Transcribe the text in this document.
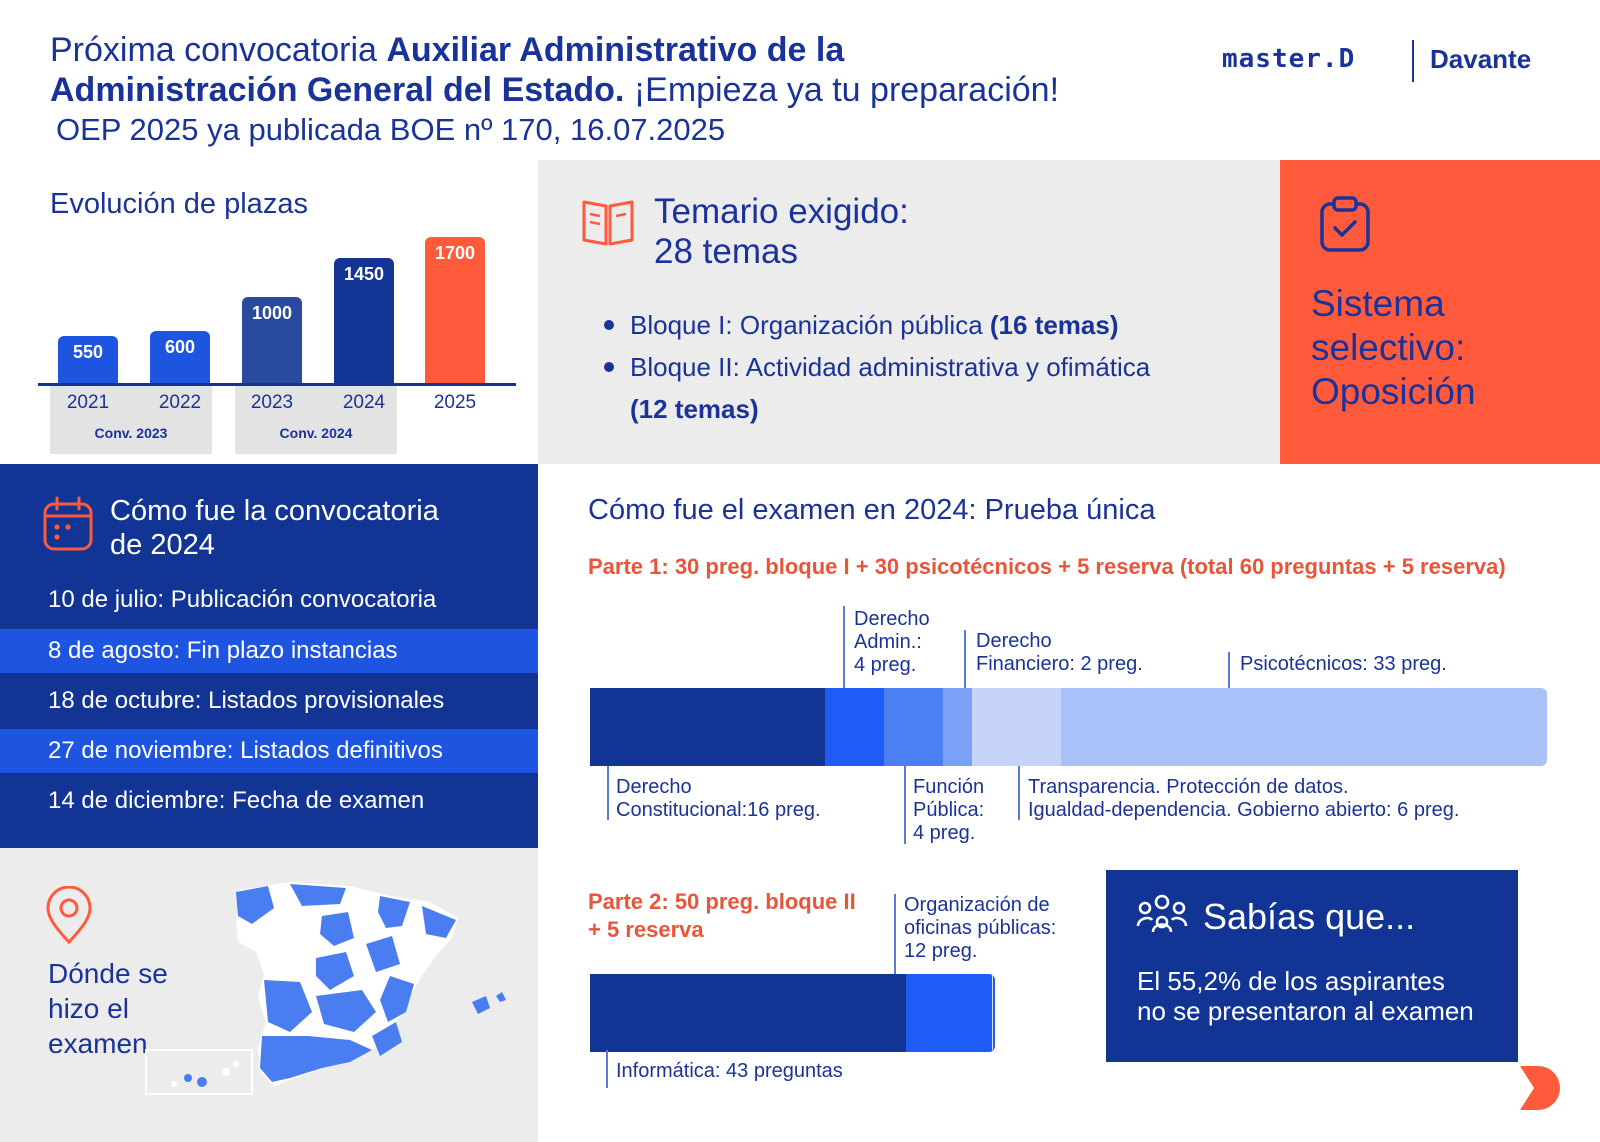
Próxima convocatoria Auxiliar Administrativo de la
Administración General del Estado. ¡Empieza ya tu preparación!
OEP 2025 ya publicada BOE nº 170, 16.07.2025
master.D	Davante
Evolución de plazas
550
2021
600
2022
1000
2023
1450
2024
1700
2025
Conv. 2023	Conv. 2024
Temario exigido:
28 temas
Bloque I: Organización pública (16 temas)
Bloque II: Actividad administrativa y ofimática
(12 temas)
Sistema
selectivo:
Oposición
Cómo fue la convocatoria
de 2024
10 de julio: Publicación convocatoria
8 de agosto: Fin plazo instancias
18 de octubre: Listados provisionales
27 de noviembre: Listados definitivos
14 de diciembre: Fecha de examen
Dónde se
hizo el
examen
Cómo fue el examen en 2024: Prueba única
Parte 1: 30 preg. bloque I + 30 psicotécnicos + 5 reserva (total 60 preguntas + 5 reserva)
Derecho
Admin.:
4 preg.
Derecho
Financiero: 2 preg.	Psicotécnicos: 33 preg.
Derecho
Constitucional:16 preg.
Función
Pública:
4 preg.
Transparencia. Protección de datos.
Igualdad-dependencia. Gobierno abierto: 6 preg.
Parte 2: 50 preg. bloque II
+ 5 reserva
Organización de
oficinas públicas:
12 preg.
Informática: 43 preguntas
Sabías que...
El 55,2% de los aspirantes
no se presentaron al examen
